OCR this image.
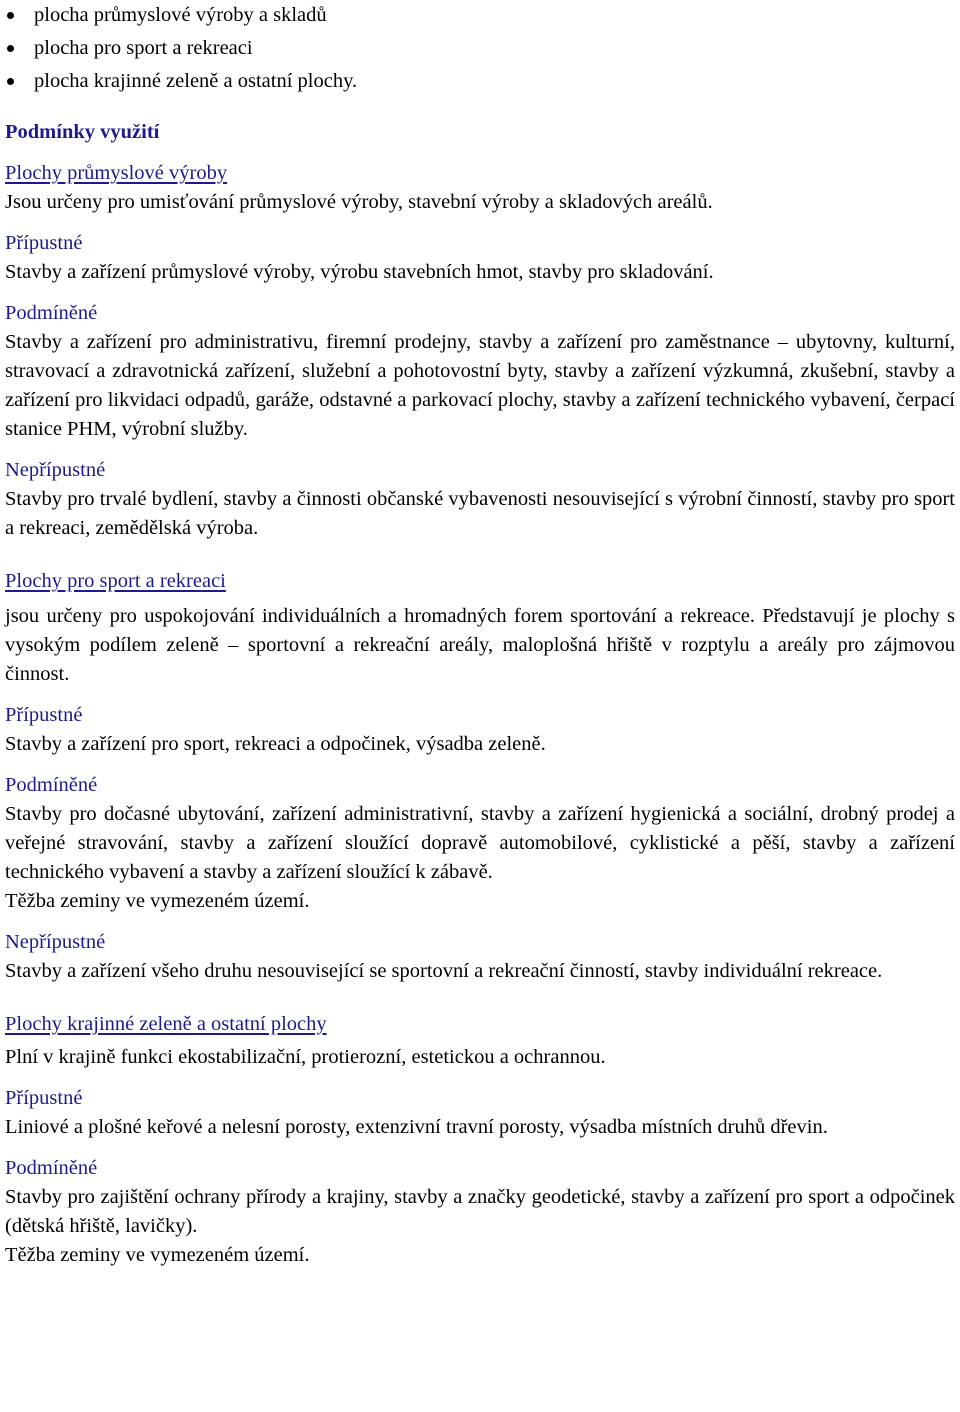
plocha průmyslové výroby a skladů
plocha pro sport a rekreaci
plocha krajinné zeleně a ostatní plochy.
Podmínky využití
Plochy průmyslové výroby

Jsou určeny pro umisťování průmyslové výroby, stavební výroby a skladových areálů.

Přípustné

Stavby a zařízení průmyslové výroby, výrobu stavebních hmot, stavby pro skladování.

Podmíněné

Stavby a zařízení pro administrativu, firemní prodejny, stavby a zařízení pro zaměstnance – ubytovny, kulturní, stravovací a zdravotnická zařízení, služební a pohotovostní byty, stavby a zařízení výzkumná, zkušební, stavby a zařízení pro likvidaci odpadů, garáže, odstavné a parkovací plochy, stavby a zařízení technického vybavení, čerpací stanice PHM, výrobní služby.

Nepřípustné

Stavby pro trvalé bydlení, stavby a činnosti občanské vybavenosti nesouvisející s výrobní činností, stavby pro sport a rekreaci, zemědělská výroba.

Plochy pro sport a rekreaci

jsou určeny pro uspokojování individuálních a hromadných forem sportování a rekreace. Představují je plochy s vysokým podílem zeleně – sportovní a rekreační areály, maloplošná hřiště v rozptylu a areály pro zájmovou činnost.

Přípustné

Stavby a zařízení pro sport, rekreaci a odpočinek, výsadba zeleně.

Podmíněné

Stavby pro dočasné ubytování, zařízení administrativní, stavby a zařízení hygienická a sociální, drobný prodej a veřejné stravování, stavby a zařízení sloužící dopravě automobilové, cyklistické a pěší, stavby a zařízení technického vybavení a stavby a zařízení sloužící k zábavě.

Těžba zeminy ve vymezeném území.

Nepřípustné

Stavby a zařízení všeho druhu nesouvisející se sportovní a rekreační činností, stavby individuální rekreace.

Plochy krajinné zeleně a ostatní plochy

Plní v krajině funkci ekostabilizační, protierozní, estetickou a ochrannou.

Přípustné

Liniové a plošné keřové a nelesní porosty, extenzivní travní porosty, výsadba místních druhů dřevin.

Podmíněné

Stavby pro zajištění ochrany přírody a krajiny, stavby a značky geodetické, stavby a zařízení pro sport a odpočinek (dětská hřiště, lavičky).

Těžba zeminy ve vymezeném území.
